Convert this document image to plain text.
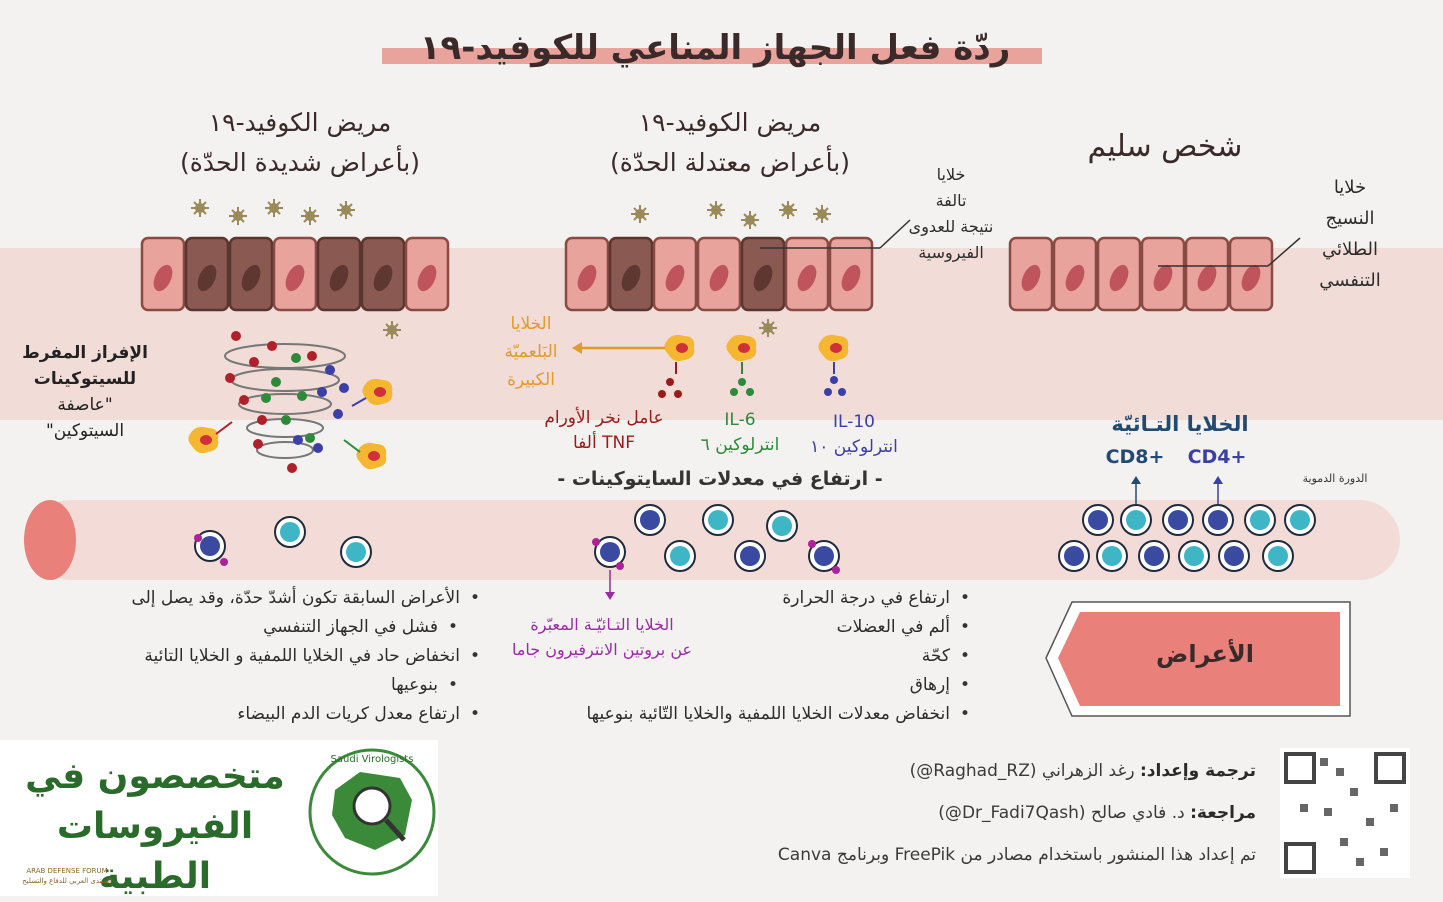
ردّة فعل الجهاز المناعي للكوفيد-١٩
شخص سليم
مريض الكوفيد-١٩
(بأعراض معتدلة الحدّة)
مريض الكوفيد-١٩
(بأعراض شديدة الحدّة)
خلايا
النسيج
الطلائي
التنفسي
خلايا
تالفة
نتيجة للعدوى
الفيروسية
الخلايا
البَلعميّة
الكبيرة
عامل نخر الأورام
TNF ألفا
IL-6
انترلوكين ٦
IL-10
انترلوكين ١٠
- ارتفاع في معدلات السايتوكينات -
الإفراز المفرط
للسيتوكينات
"عاصفة
السيتوكين"	الخلايا التـائيّة
CD8+ CD4+
الدورة الدموية
الخلايا التـائيّـة المعبّرة
عن بروتين الانترفيرون جاما	الأعراض
• ارتفاع في درجة الحرارة
• ألم في العضلات
• كحّة
• إرهاق
• انخفاض معدلات الخلايا اللمفية والخلايا التّائية بنوعيها
• الأعراض السابقة تكون أشدّ حدّة، وقد يصل إلى
• فشل في الجهاز التنفسي
• انخفاض حاد في الخلايا اللمفية و الخلايا التائية
• بنوعيها
• ارتفاع معدل كريات الدم البيضاء
ترجمة وإعداد: رغد الزهراني (Raghad_RZ@)
مراجعة: د. فادي صالح (Dr_Fadi7Qash@)
تم إعداد هذا المنشور باستخدام مصادر من FreePik وبرنامج Canva
متخصصون في
الفيروسات الطبية
Saudi Virologists
ARAB DEFENSE FORUM
المنتدى العربي للدفاع والتسليح
